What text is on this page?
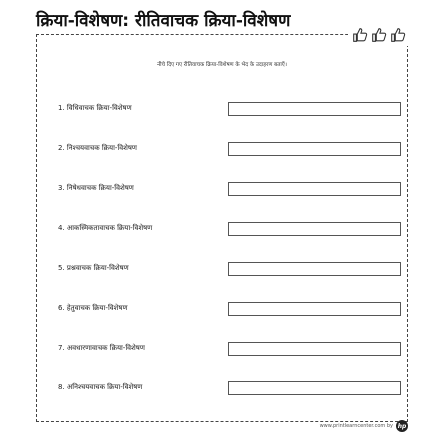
क्रिया-विशेषण: रीतिवाचक क्रिया-विशेषण
नीचे दिए गए रीतिवाचक क्रिया-विशेषण के भेद के उदाहरण बताएँ।
1. विधिवाचक क्रिया-विशेषण
2. निश्चयवाचक क्रिया-विशेषण
3. निषेधवाचक क्रिया-विशेषण
4. आकस्मिकतावाचक क्रिया-विशेषण
5. प्रश्नवाचक क्रिया-विशेषण
6. हेतुवाचक क्रिया-विशेषण
7. अवधारणावाचक क्रिया-विशेषण
8. अनिश्चयवाचक क्रिया-विशेषण
www.printlearncenter.com by hp
